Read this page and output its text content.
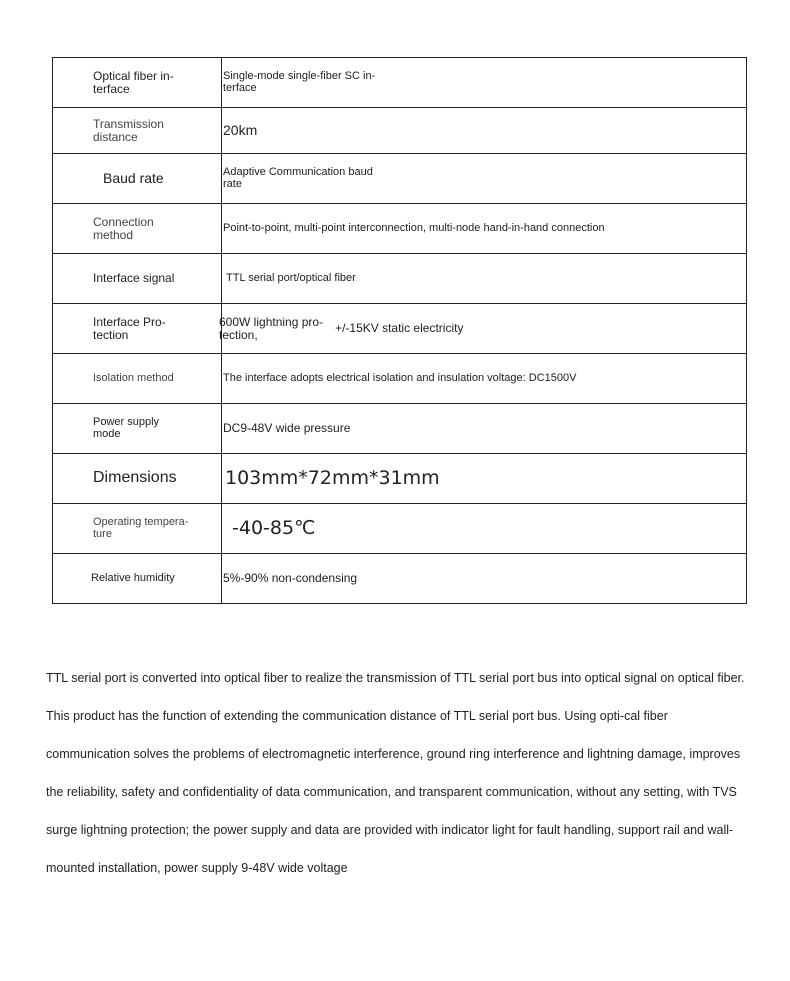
Optical fiber in-
terface	Single-mode single-fiber SC in-
terface

Transmission
distance	20km

Baud rate	Adaptive Communication baud
rate

Connection
method	Point-to-point, multi-point interconnection, multi-node hand-in-hand connection

Interface signal	TTL serial port/optical fiber

Interface Pro-
tection	600W lightning pro-
tection, +/-15KV static electricity

Isolation method	The interface adopts electrical isolation and insulation voltage: DC1500V

Power supply
mode	DC9-48V wide pressure

Dimensions	103mm*72mm*31mm

Operating tempera-
ture	-40-85℃

Relative humidity	5%-90% non-condensing

TTL serial port is converted into optical fiber to realize the transmission of TTL serial port bus into optical signal on optical fiber. This product has the function of extending the communication distance of TTL serial port bus. Using opti-cal fiber communication solves the problems of electromagnetic interference, ground ring interference and lightning damage, improves the reliability, safety and confidentiality of data communication, and transparent communication, without any setting, with TVS surge lightning protection; the power supply and data are provided with indicator light for fault handling, support rail and wall-mounted installation, power supply 9-48V wide voltage
